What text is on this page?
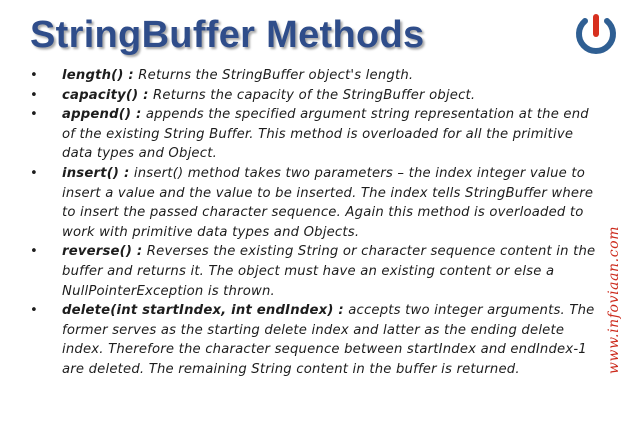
StringBuffer Methods
www.infoviaan.com
• length() : Returns the StringBuffer object's length.
• capacity() : Returns the capacity of the StringBuffer object.
• append() : appends the specified argument string representation at the end of the existing String Buffer. This method is overloaded for all the primitive data types and Object.
• insert() : insert() method takes two parameters – the index integer value to insert a value and the value to be inserted. The index tells StringBuffer where to insert the passed character sequence. Again this method is overloaded to work with primitive data types and Objects.
• reverse() : Reverses the existing String or character sequence content in the buffer and returns it. The object must have an existing content or else a NullPointerException is thrown.
• delete(int startIndex, int endIndex) : accepts two integer arguments. The former serves as the starting delete index and latter as the ending delete index. Therefore the character sequence between startIndex and endIndex-1 are deleted. The remaining String content in the buffer is returned.
